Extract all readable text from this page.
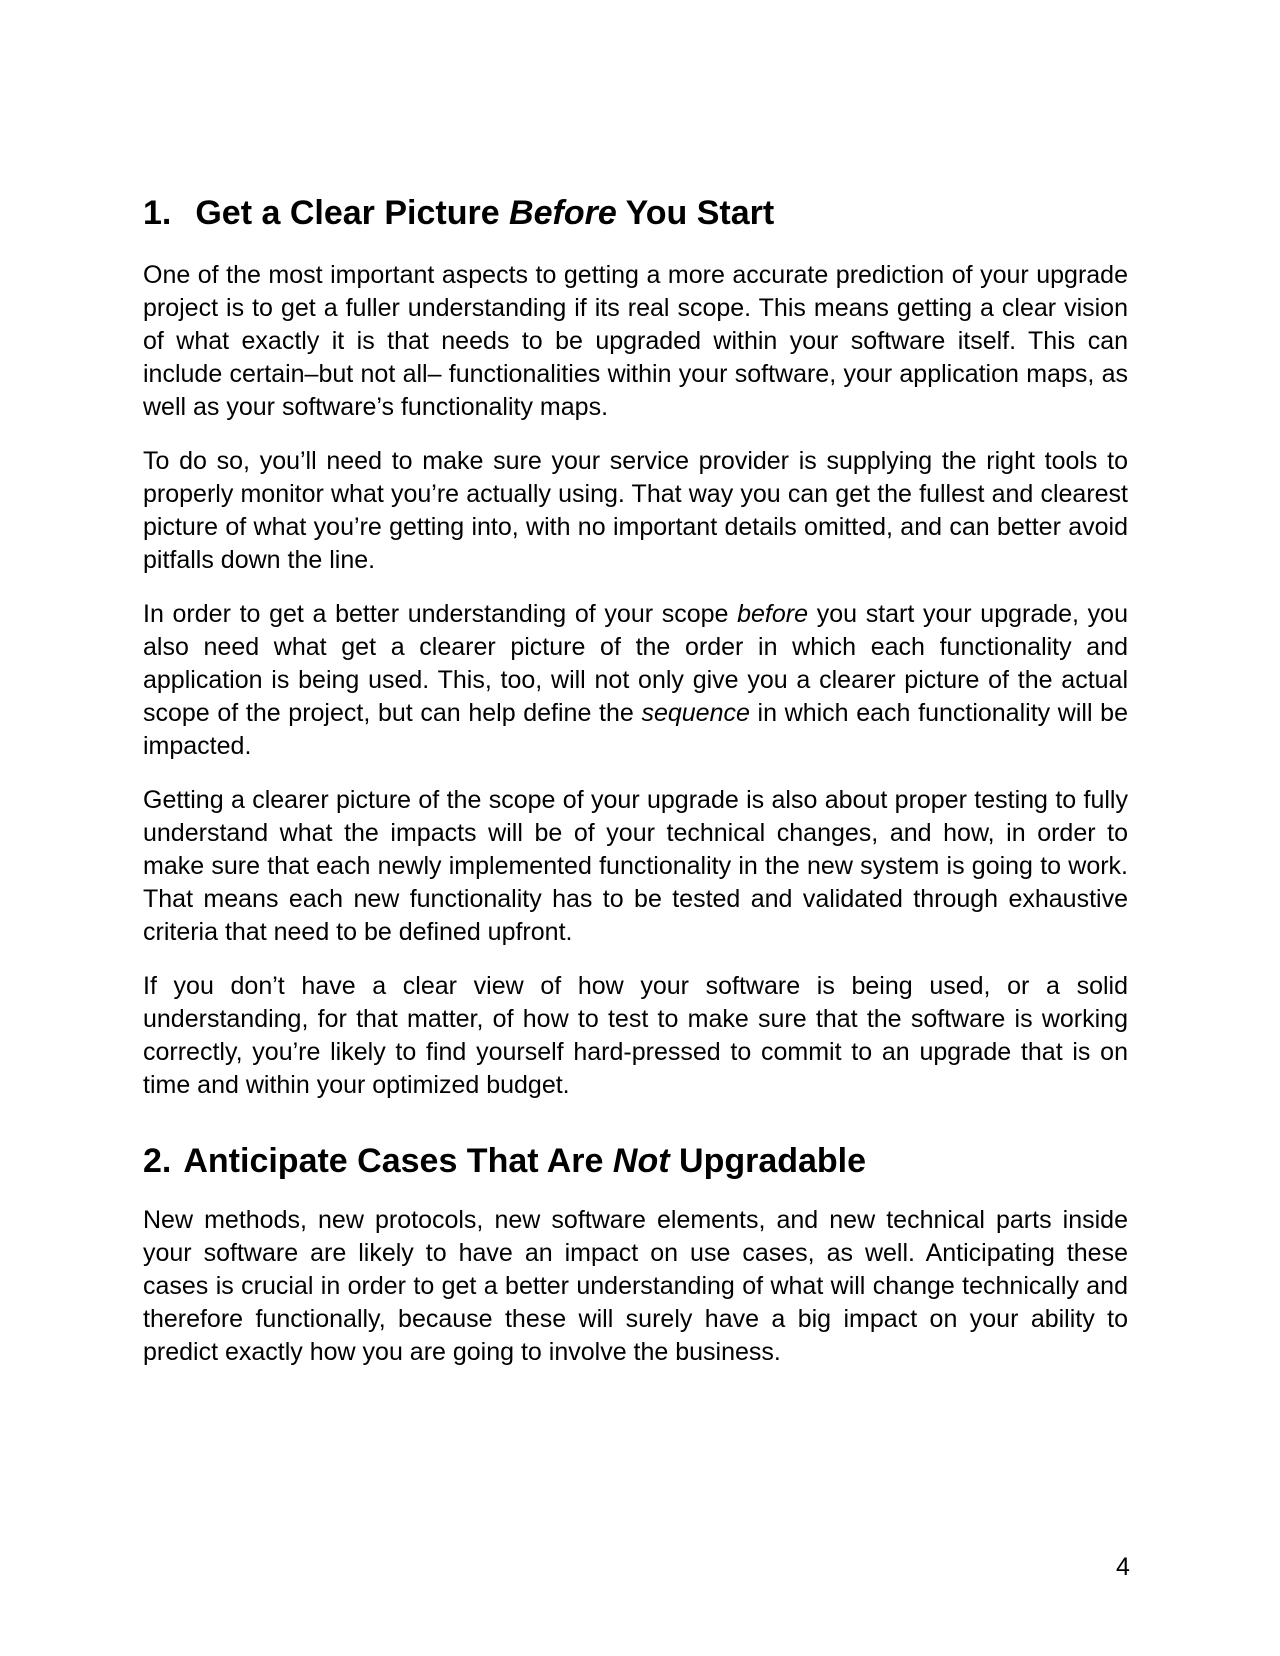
1. Get a Clear Picture Before You Start

One of the most important aspects to getting a more accurate prediction of your upgrade project is to get a fuller understanding if its real scope. This means getting a clear vision of what exactly it is that needs to be upgraded within your software itself. This can include certain–but not all– functionalities within your software, your application maps, as well as your software’s functionality maps.

To do so, you’ll need to make sure your service provider is supplying the right tools to properly monitor what you’re actually using. That way you can get the fullest and clearest picture of what you’re getting into, with no important details omitted, and can better avoid pitfalls down the line.

In order to get a better understanding of your scope before you start your upgrade, you also need what get a clearer picture of the order in which each functionality and application is being used. This, too, will not only give you a clearer picture of the actual scope of the project, but can help define the sequence in which each functionality will be impacted.

Getting a clearer picture of the scope of your upgrade is also about proper testing to fully understand what the impacts will be of your technical changes, and how, in order to make sure that each newly implemented functionality in the new system is going to work. That means each new functionality has to be tested and validated through exhaustive criteria that need to be defined upfront.

If you don’t have a clear view of how your software is being used, or a solid understanding, for that matter, of how to test to make sure that the software is working correctly, you’re likely to find yourself hard-pressed to commit to an upgrade that is on time and within your optimized budget.

2. Anticipate Cases That Are Not Upgradable

New methods, new protocols, new software elements, and new technical parts inside your software are likely to have an impact on use cases, as well. Anticipating these cases is crucial in order to get a better understanding of what will change technically and therefore functionally, because these will surely have a big impact on your ability to predict exactly how you are going to involve the business.

4
